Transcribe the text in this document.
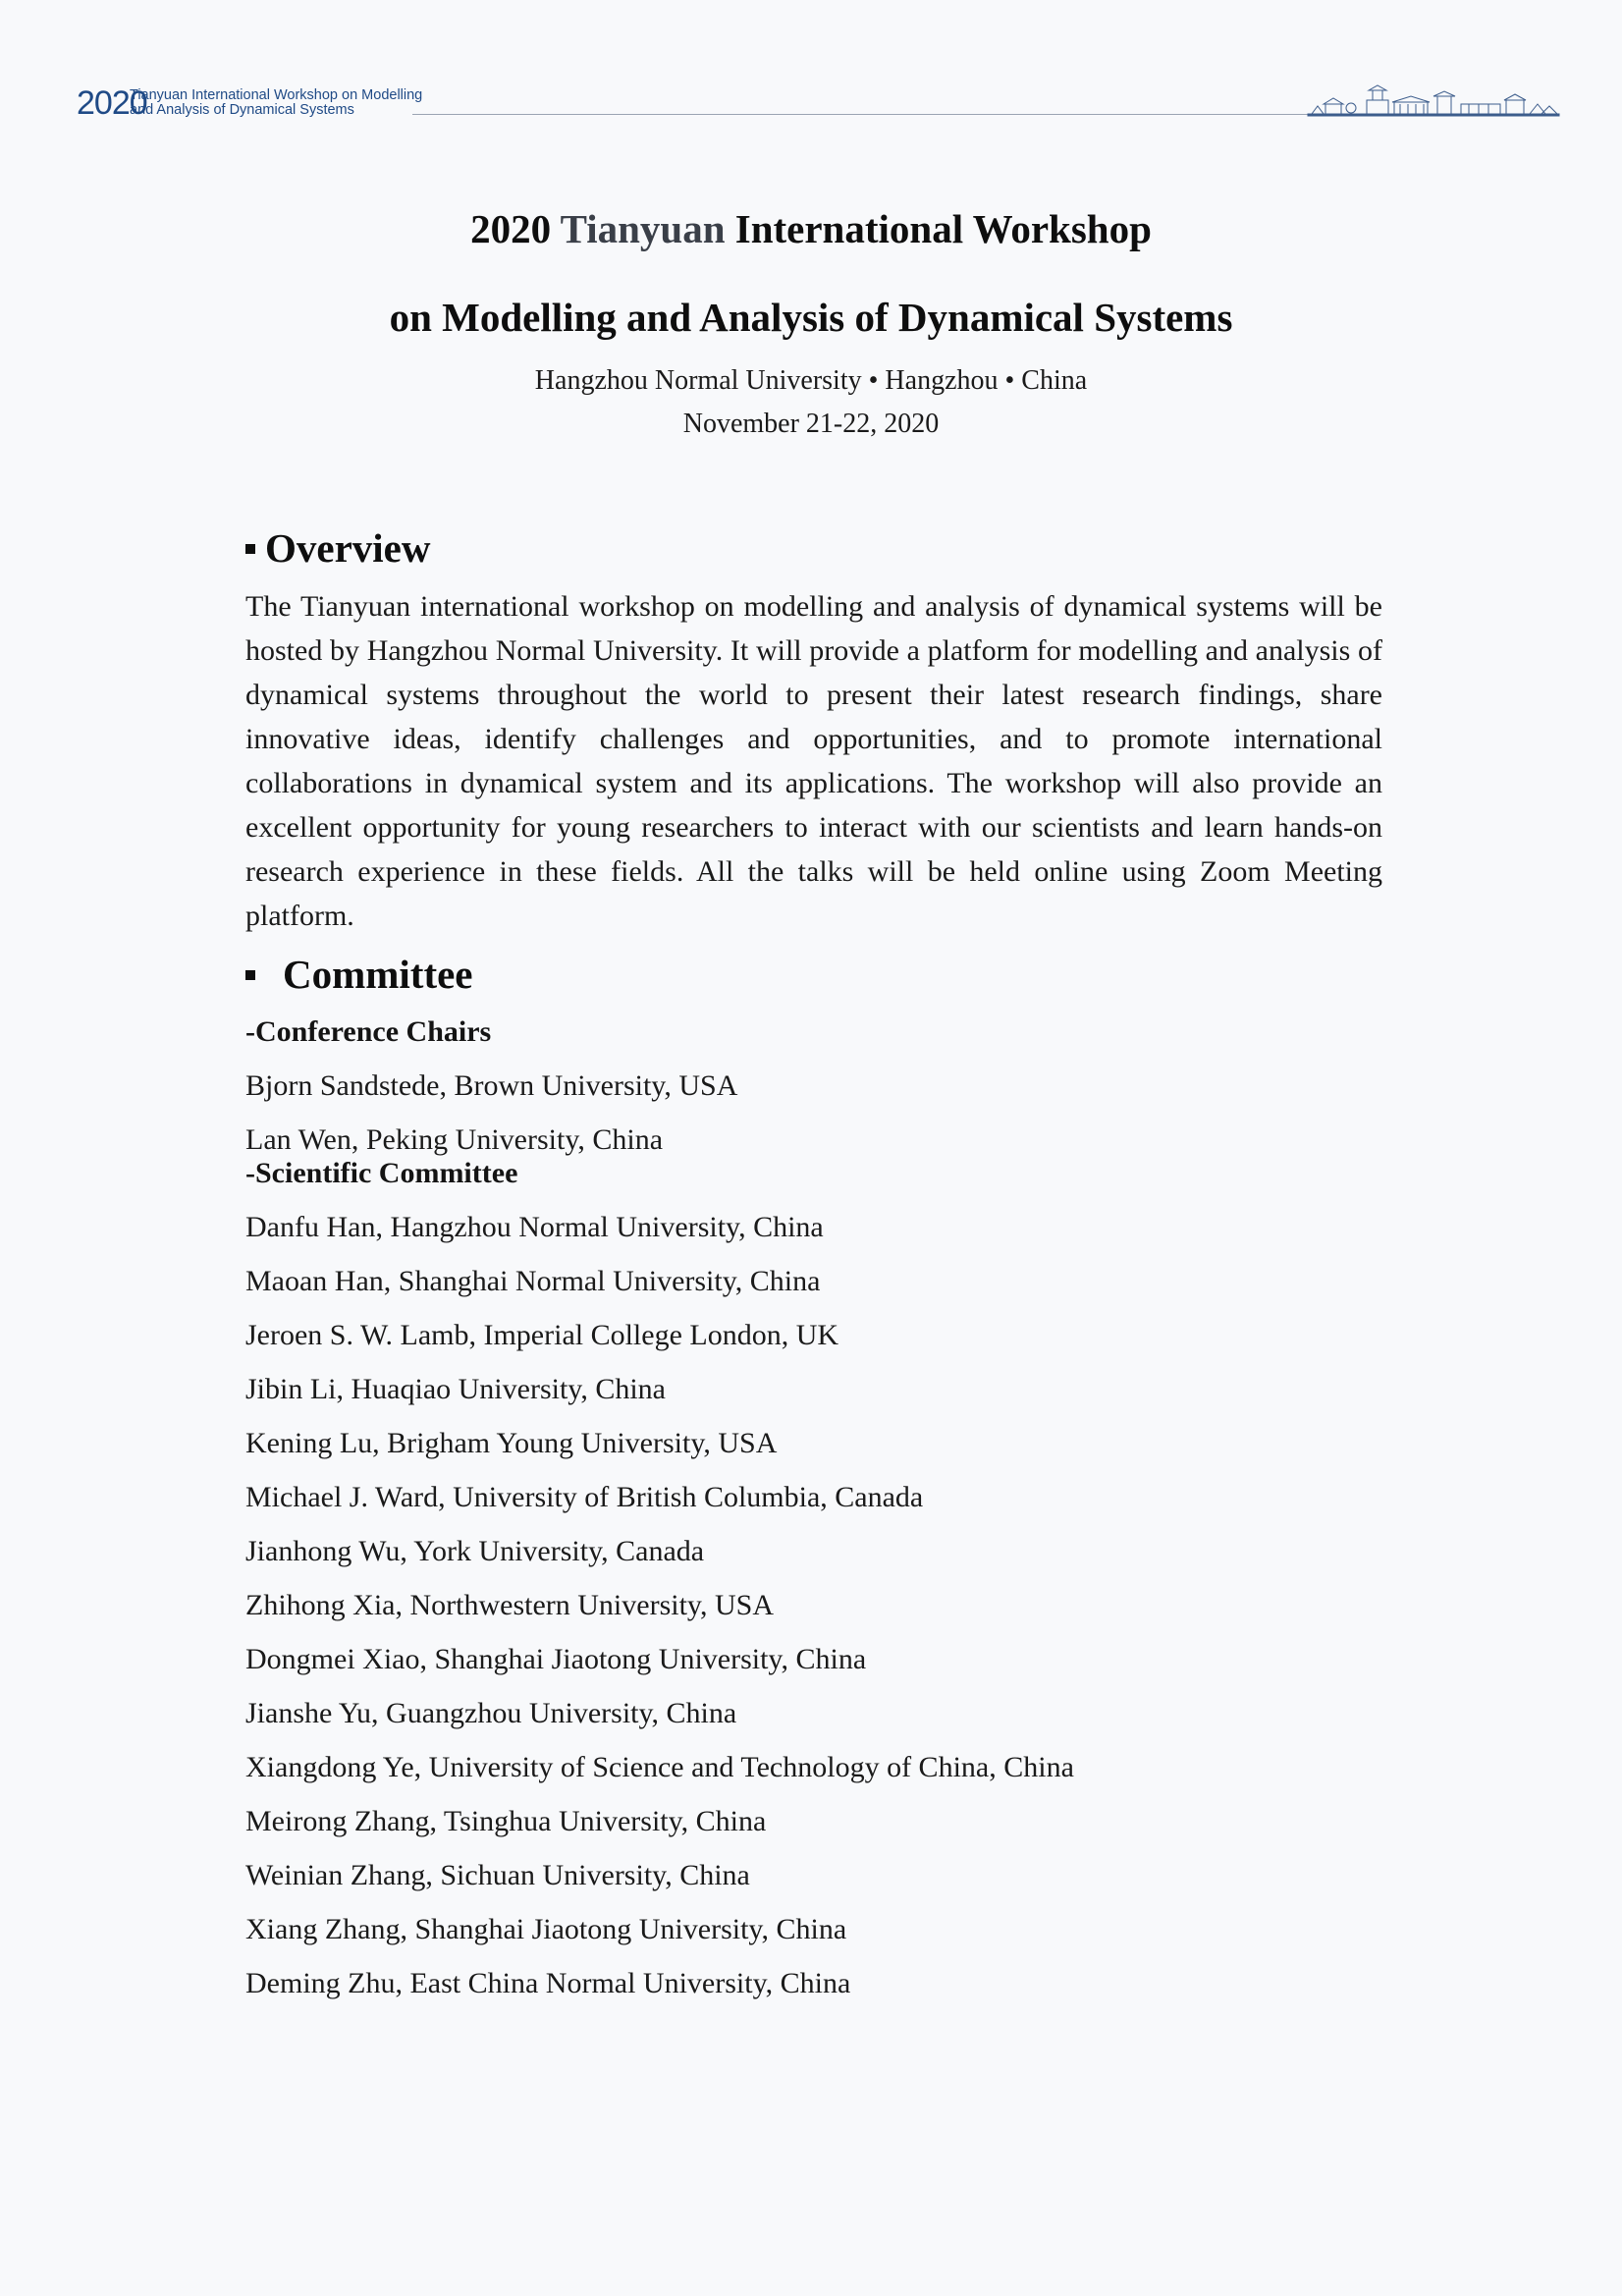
2020
Tianyuan International Workshop on Modelling
and Analysis of Dynamical Systems
2020 Tianyuan International Workshop
on Modelling and Analysis of Dynamical Systems
Hangzhou Normal University • Hangzhou • China
November 21-22, 2020
Overview

The Tianyuan international workshop on modelling and analysis of dynamical systems will be hosted by Hangzhou Normal University. It will provide a platform for modelling and analysis of dynamical systems throughout the world to present their latest research findings, share innovative ideas, identify challenges and opportunities, and to promote international collaborations in dynamical system and its applications. The workshop will also provide an excellent opportunity for young researchers to interact with our scientists and learn hands-on research experience in these fields. All the talks will be held online using Zoom Meeting platform.

Committee
-Conference Chairs
Bjorn Sandstede, Brown University, USA
Lan Wen, Peking University, China
-Scientific Committee
Danfu Han, Hangzhou Normal University, China
Maoan Han, Shanghai Normal University, China
Jeroen S. W. Lamb, Imperial College London, UK
Jibin Li, Huaqiao University, China
Kening Lu, Brigham Young University, USA
Michael J. Ward, University of British Columbia, Canada
Jianhong Wu, York University, Canada
Zhihong Xia, Northwestern University, USA
Dongmei Xiao, Shanghai Jiaotong University, China
Jianshe Yu, Guangzhou University, China
Xiangdong Ye, University of Science and Technology of China, China
Meirong Zhang, Tsinghua University, China
Weinian Zhang, Sichuan University, China
Xiang Zhang, Shanghai Jiaotong University, China
Deming Zhu, East China Normal University, China
